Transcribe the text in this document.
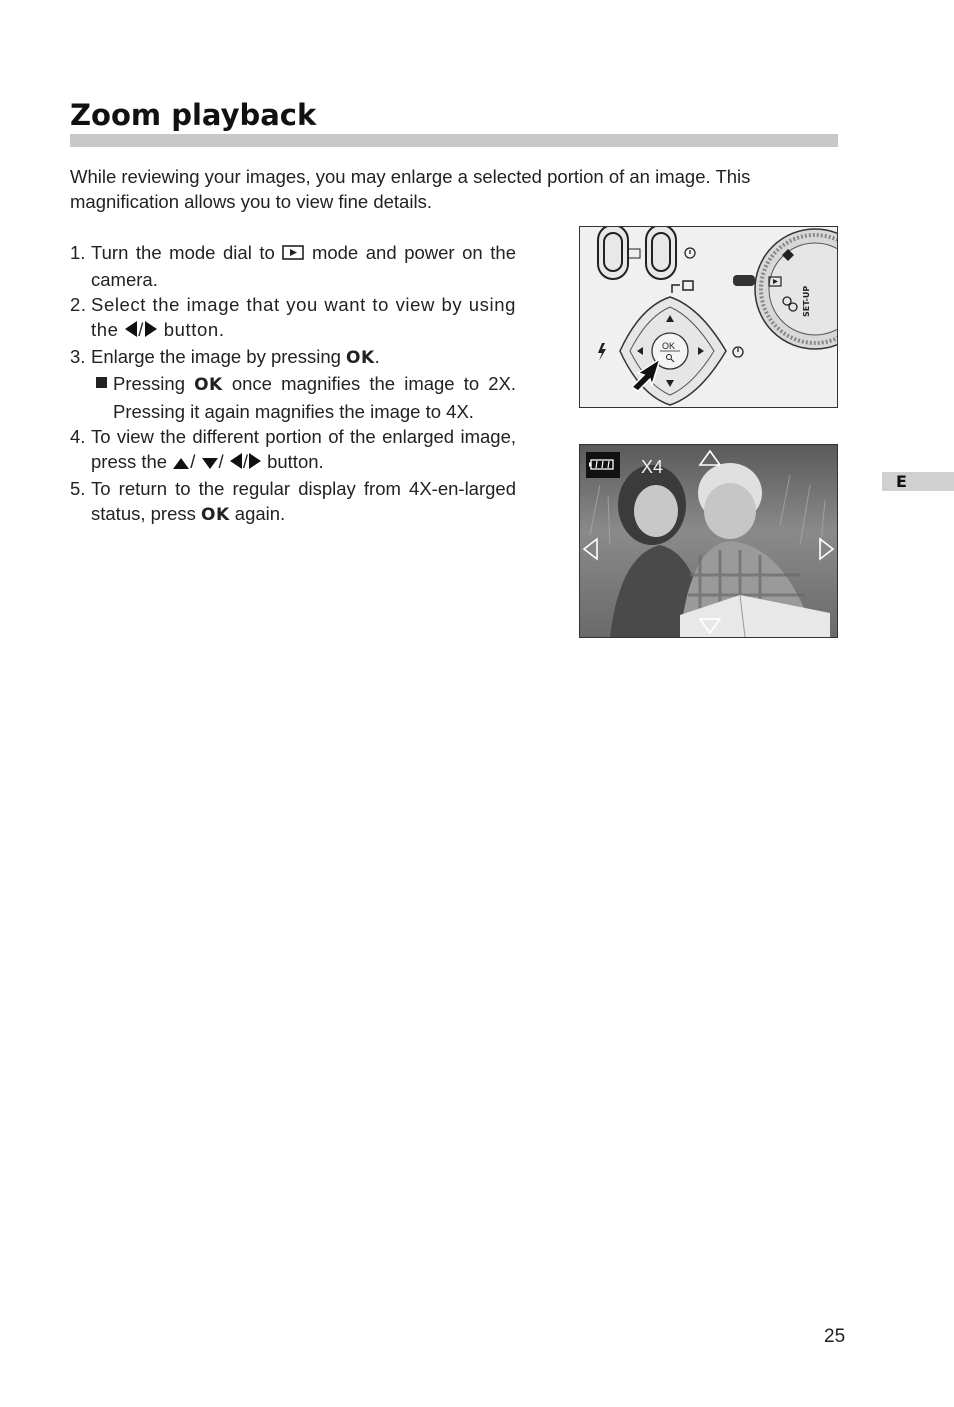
Zoom playback
While reviewing your images, you may enlarge a selected portion of an image. This magnification allows you to view fine details.
1. Turn the mode dial to mode and power on the camera.
2. Select the image that you want to view by using the / button.
3. Enlarge the image by pressing OK.
Pressing OK once magnifies the image to 2X. Pressing it again magnifies the image to 4X.
4. To view the different portion of the enlarged image, press the / / / button.
5. To return to the regular display from 4X-en-larged status, press OK again.
SET-UP
OK
X4
E
25
